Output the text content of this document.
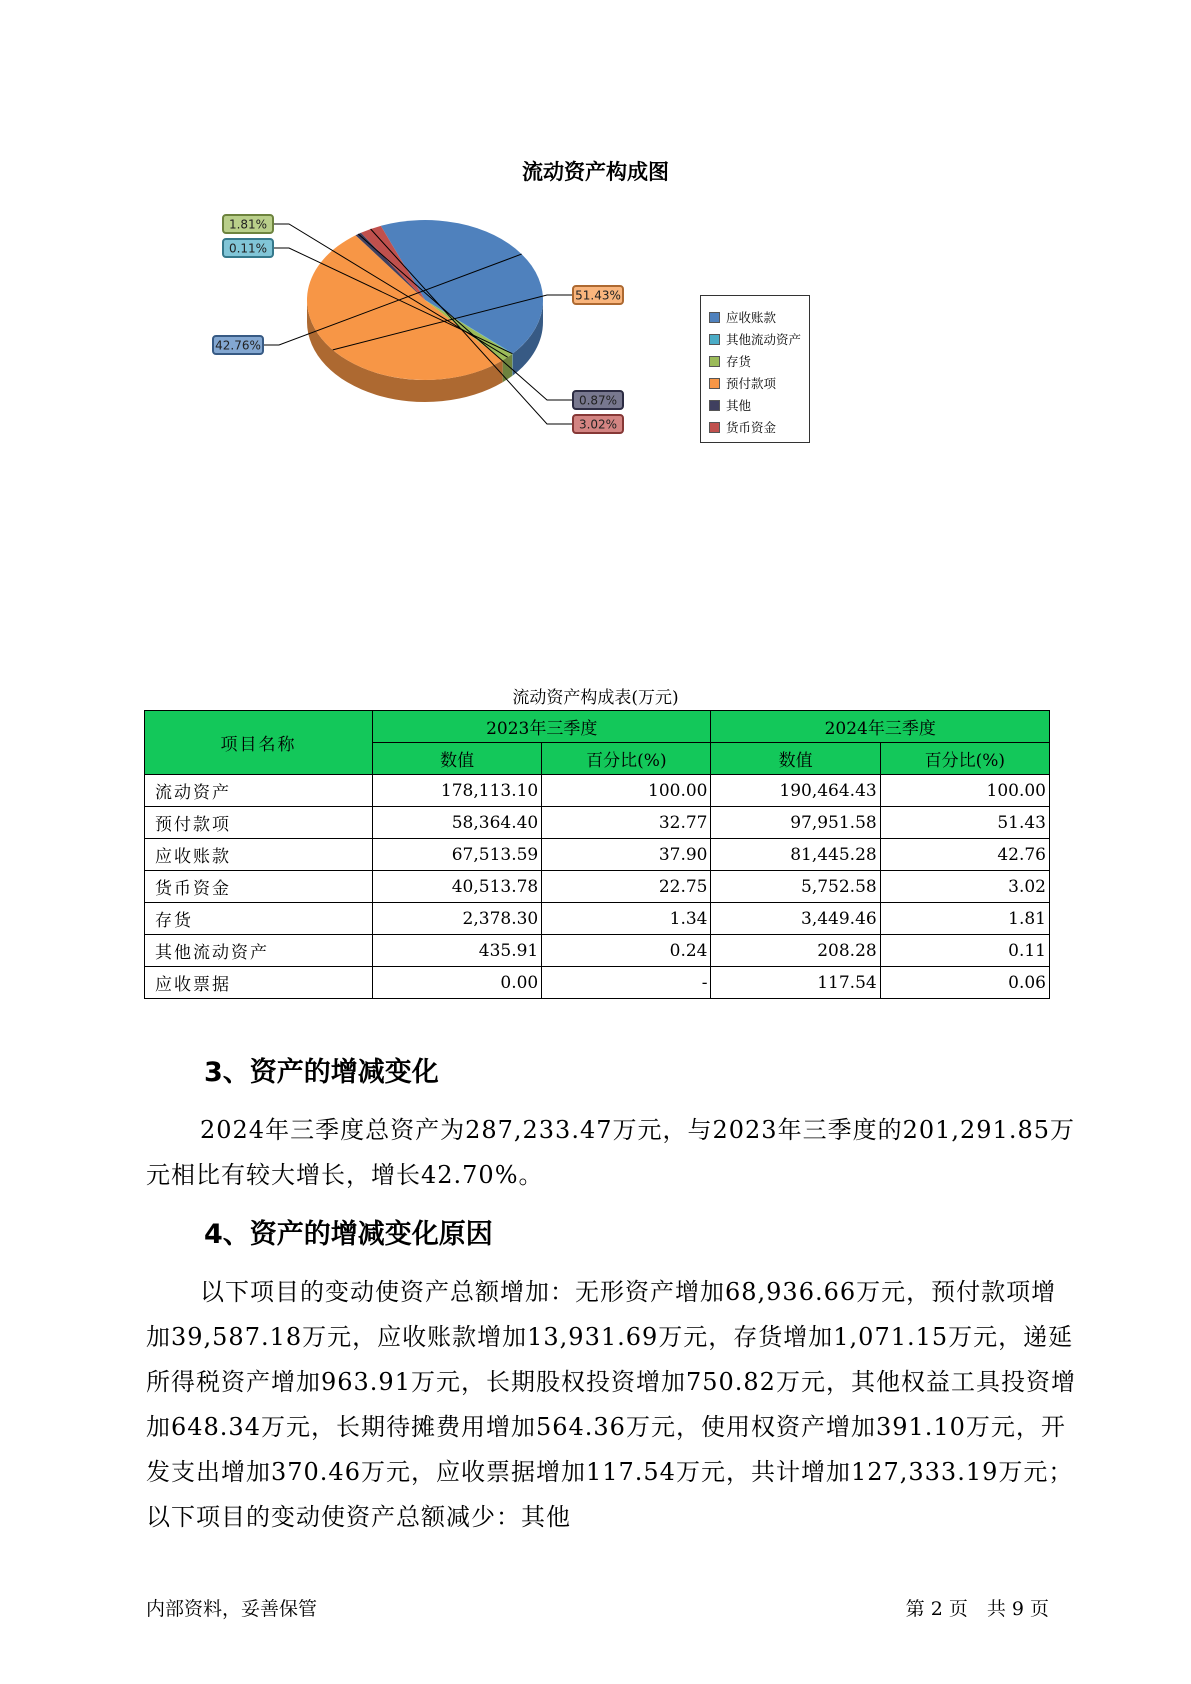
流动资产构成图
42.76%
0.11%
1.81%
51.43%
0.87%
3.02%
应收账款
其他流动资产
存货
预付款项
其他
货币资金
流动资产构成表(万元)
项目名称	2023年三季度		2024年三季度	
	数值	百分比(%)	数值	百分比(%)
流动资产	178,113.10	100.00	190,464.43	100.00
预付款项	58,364.40	32.77	97,951.58	51.43
应收账款	67,513.59	37.90	81,445.28	42.76
货币资金	40,513.78	22.75	5,752.58	3.02
存货	2,378.30	1.34	3,449.46	1.81
其他流动资产	435.91	0.24	208.28	0.11
应收票据	0.00	-	117.54	0.06
3、资产的增减变化
2024年三季度总资产为287,233.47万元，与2023年三季度的201,291.85万元相比有较大增长，增长42.70%。
4、资产的增减变化原因
以下项目的变动使资产总额增加：无形资产增加68,936.66万元，预付款项增加39,587.18万元，应收账款增加13,931.69万元，存货增加1,071.15万元，递延所得税资产增加963.91万元，长期股权投资增加750.82万元，其他权益工具投资增加648.34万元，长期待摊费用增加564.36万元，使用权资产增加391.10万元，开发支出增加370.46万元，应收票据增加117.54万元，共计增加127,333.19万元；以下项目的变动使资产总额减少：其他
内部资料，妥善保管	第 2 页　共 9 页
